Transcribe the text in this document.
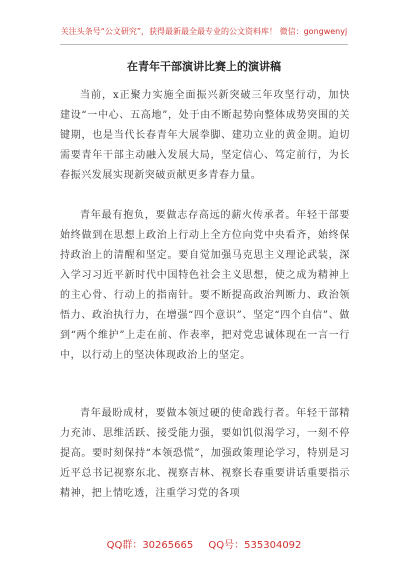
关注头条号“公文研究”，获得最新最全最专业的公文资料库！ 微信：gongwenyj
在青年干部演讲比赛上的演讲稿

当前，x正聚力实施全面振兴新突破三年攻坚行动，加快建设“一中心、五高地”，处于由不断起势向整体成势突围的关键期，也是当代长春青年大展拳脚、建功立业的黄金期。迫切需要青年干部主动融入发展大局，坚定信心、笃定前行，为长春振兴发展实现新突破贡献更多青春力量。

青年最有抱负，要做志存高远的薪火传承者。年轻干部要始终做到在思想上政治上行动上全方位向党中央看齐，始终保持政治上的清醒和坚定。要自觉加强马克思主义理论武装，深入学习习近平新时代中国特色社会主义思想，使之成为精神上的主心骨、行动上的指南针。要不断提高政治判断力、政治领悟力、政治执行力，在增强“四个意识”、坚定“四个自信”、做到“两个维护”上走在前、作表率，把对党忠诚体现在一言一行中，以行动上的坚决体现政治上的坚定。

青年最盼成材，要做本领过硬的使命践行者。年轻干部精力充沛、思维活跃、接受能力强，要如饥似渴学习，一刻不停提高。要时刻保持“本领恐慌”，加强政策理论学习，特别是习近平总书记视察东北、视察吉林、视察长春重要讲话重要指示精神，把上情吃透，注重学习党的各项

QQ群：30265665 QQ号：535304092
